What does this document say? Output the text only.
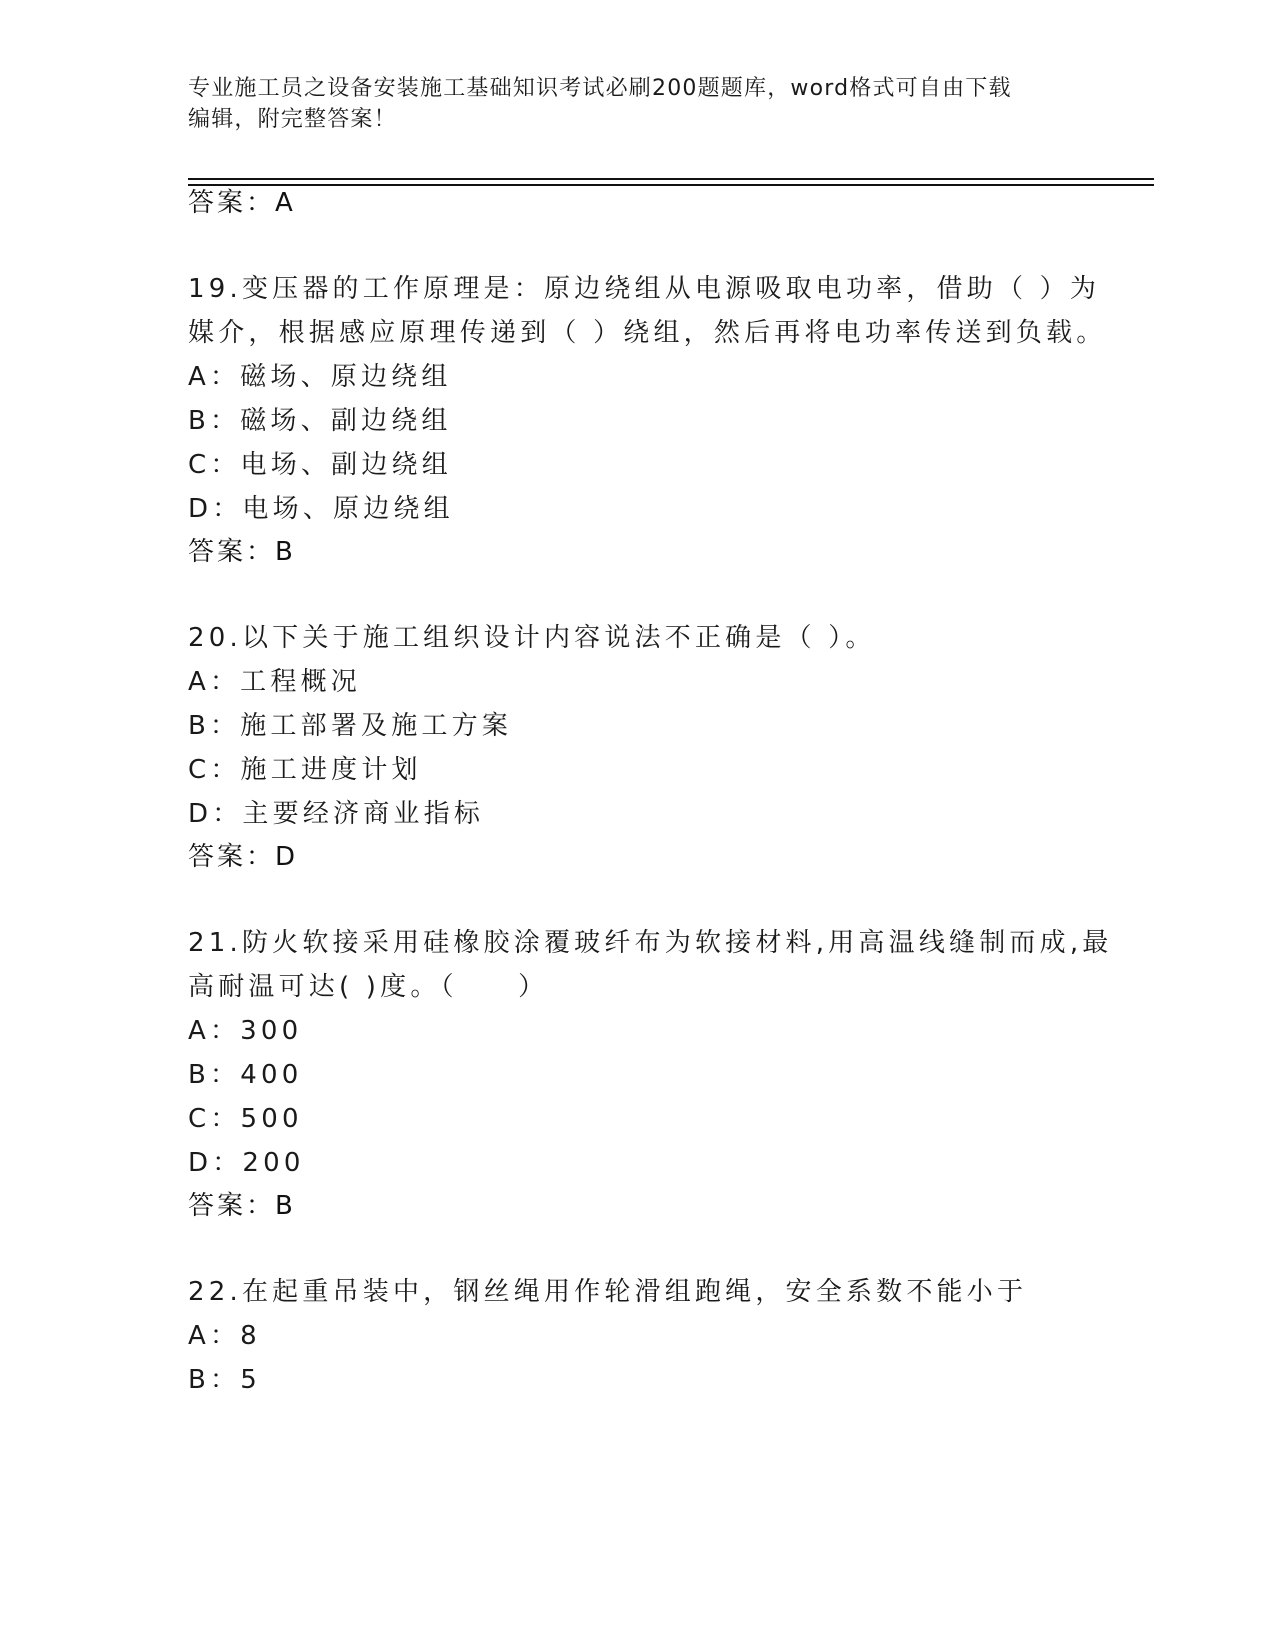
专业施工员之设备安装施工基础知识考试必刷200题题库，word格式可自由下载
编辑，附完整答案！
答案：A
19.变压器的工作原理是：原边绕组从电源吸取电功率，借助（ ）为
媒介，根据感应原理传递到（ ）绕组，然后再将电功率传送到负载。
A：磁场、原边绕组
B：磁场、副边绕组
C：电场、副边绕组
D：电场、原边绕组
答案：B
20.以下关于施工组织设计内容说法不正确是（ ）。
A：工程概况
B：施工部署及施工方案
C：施工进度计划
D：主要经济商业指标
答案：D
21.防火软接采用硅橡胶涂覆玻纤布为软接材料,用高温线缝制而成,最
高耐温可达( )度。（　　）
A：300
B：400
C：500
D：200
答案：B
22.在起重吊装中，钢丝绳用作轮滑组跑绳，安全系数不能小于
A：8
B：5
